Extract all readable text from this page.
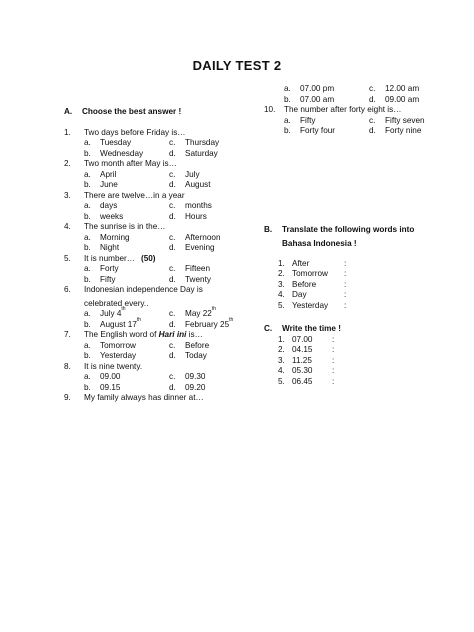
DAILY TEST 2
A.	Choose the best answer !
1.	Two days before Friday is…
a.	Tuesday	c.	Thursday
b.	Wednesday	d.	Saturday
2.	Two month after May is…
a.	April	c.	July
b.	June	d.	August
3.	There are twelve…in a year
a.	days	c.	months
b.	weeks	d.	Hours
4.	The sunrise is in the…
a.	Morning	c.	Afternoon
b.	Night	d.	Evening
5.	It is number… (50)
a.	Forty	c.	Fifteen
b.	Fifty	d.	Twenty
6.	Indonesian independence Day is
celebrated every..
a.	July 4 th	c.	May 22 th
b.	August 17 th	d.	February 25 th
7.	The English word of Hari ini is…
a.	Tomorrow	c.	Before
b.	Yesterday	d.	Today
8.	It is nine twenty.
a.	09.00	c.	09.30
b.	09.15	d.	09.20
9.	My family always has dinner at…
a.	07.00 pm	c.	12.00 am
b.	07.00 am	d.	09.00 am
10.	The number after forty eight is…
a.	Fifty	c.	Fifty seven
b.	Forty four	d.	Forty nine
B.	Translate the following words into
Bahasa Indonesia !
1. After	:
2. Tomorrow	:
3. Before	:
4. Day	:
5. Yesterday	:
C.	Write the time !
1. 07.00	:
2. 04.15	:
3. 11.25	:
4. 05.30	:
5. 06.45	:
